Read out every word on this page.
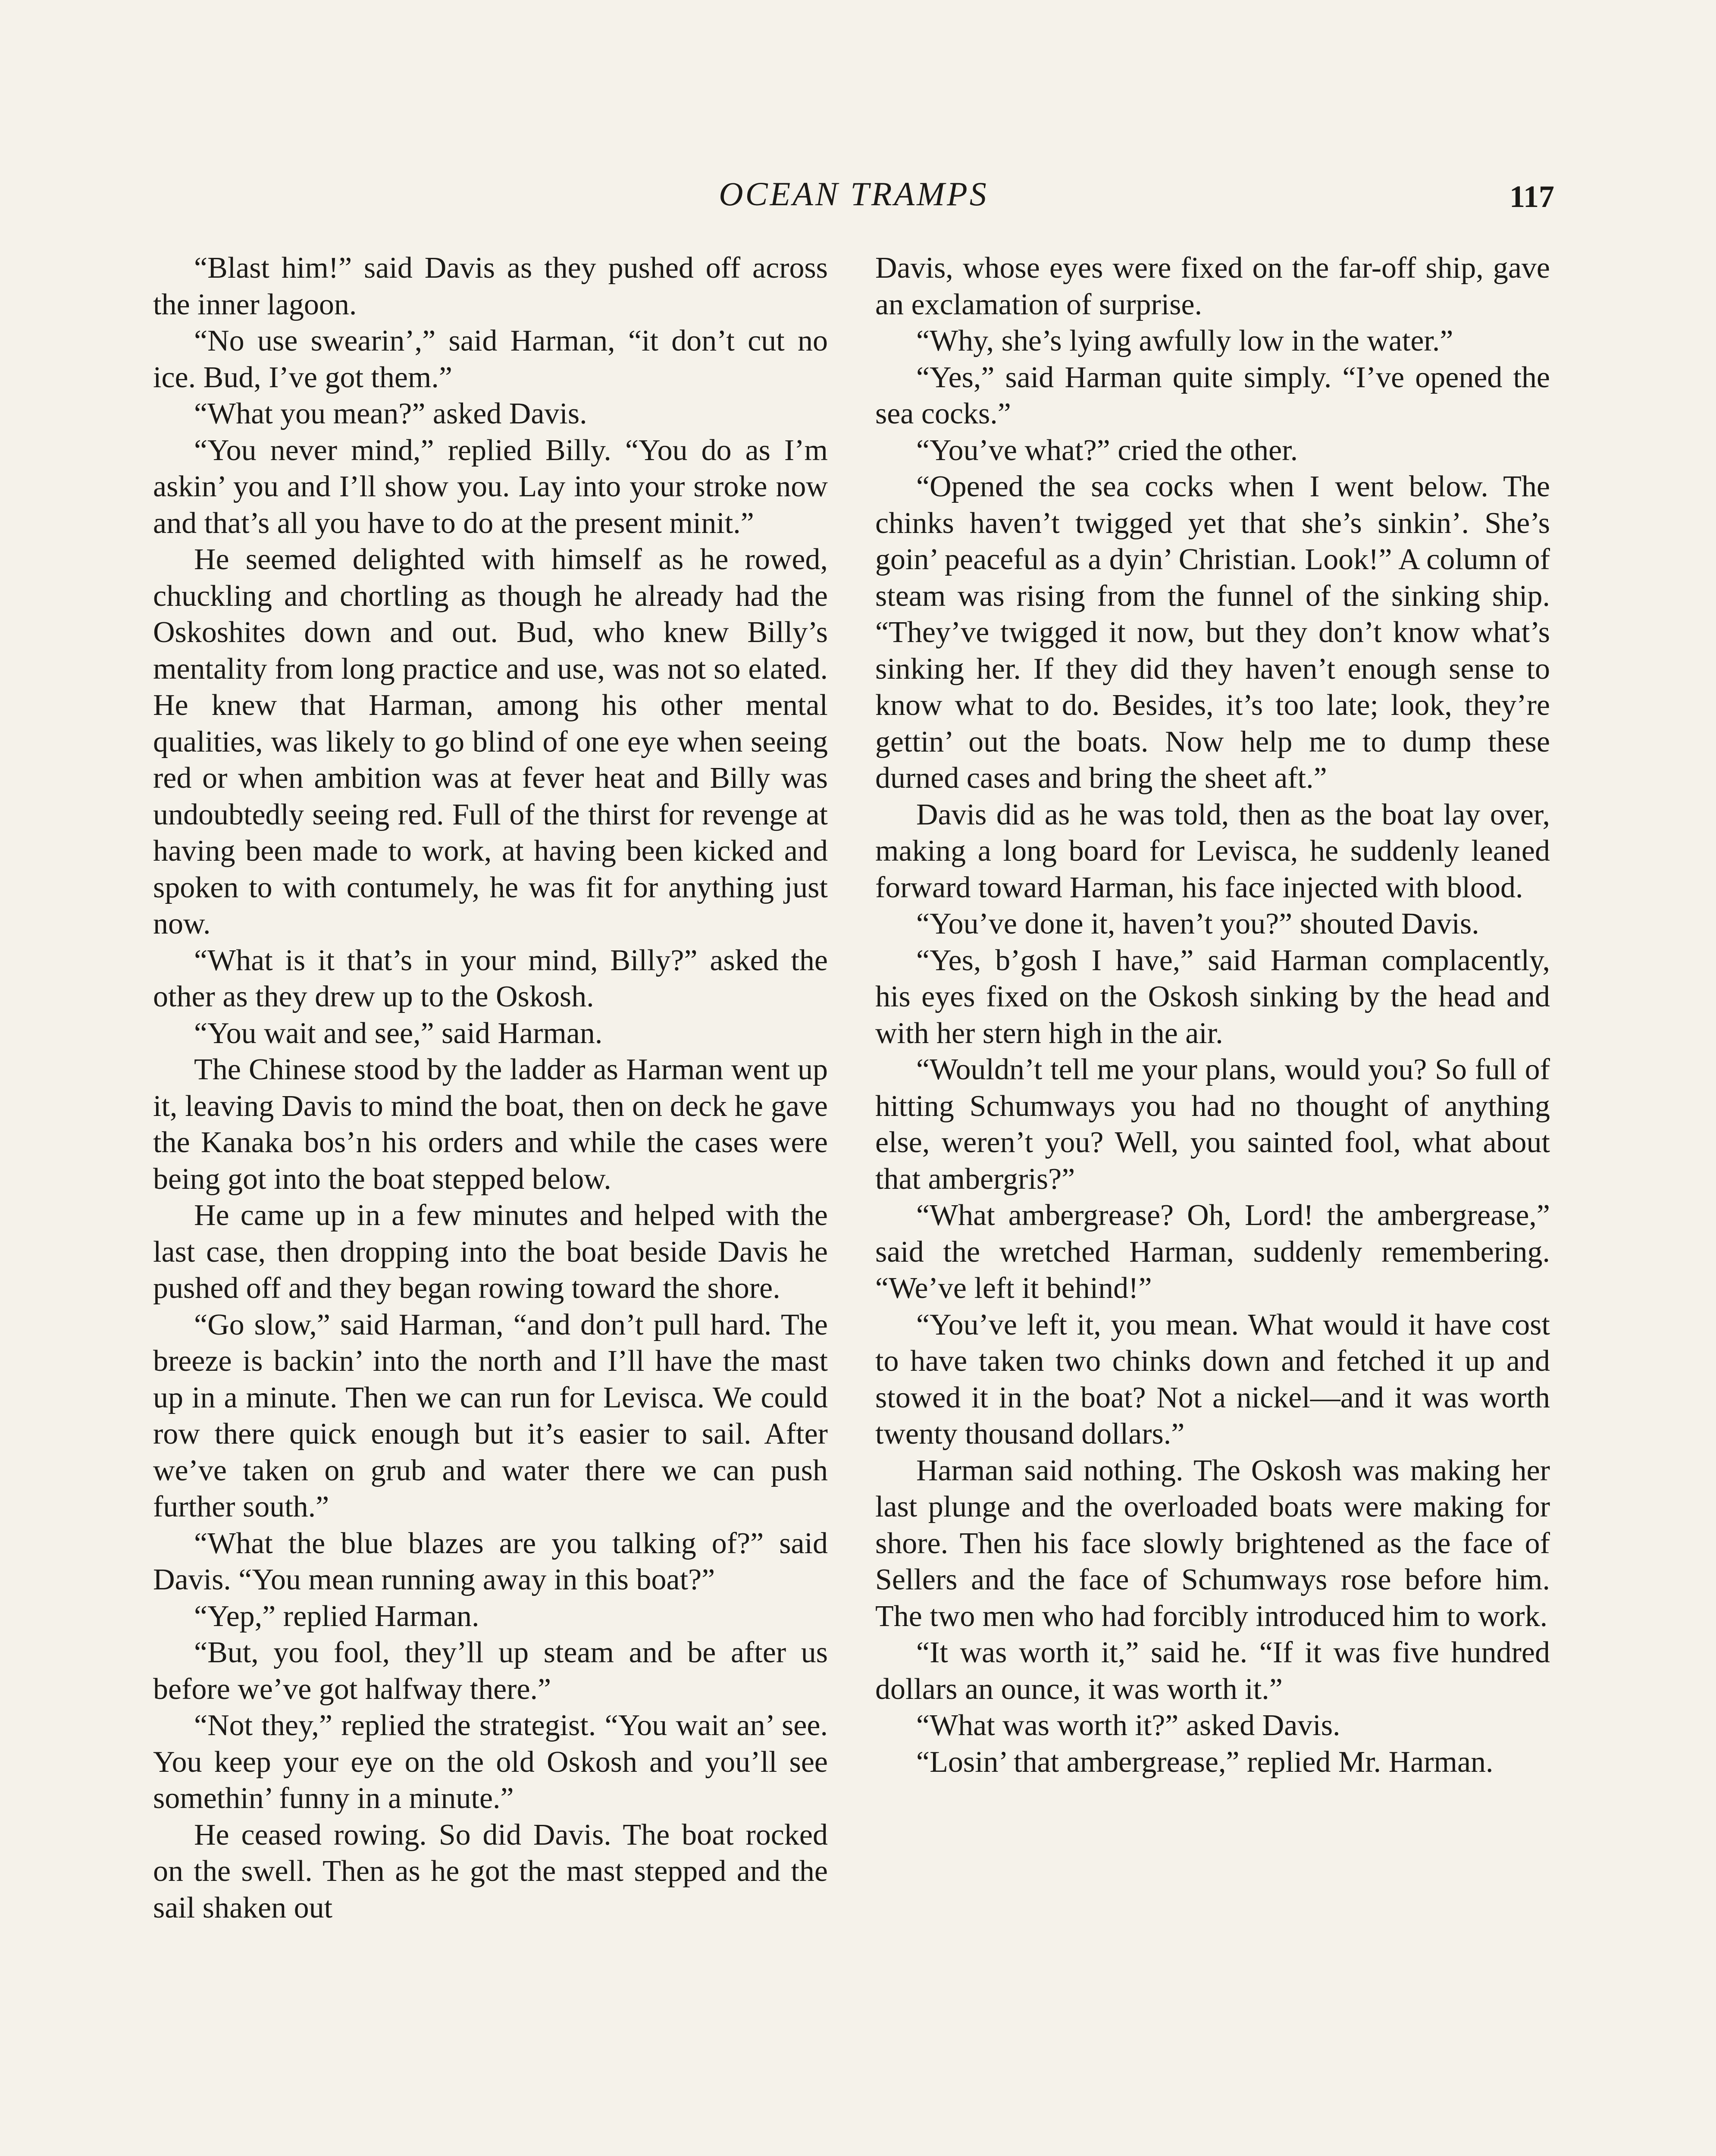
OCEAN TRAMPS	117

“Blast him!” said Davis as they pushed off across the inner lagoon.

“No use swearin’,” said Harman, “it don’t cut no ice. Bud, I’ve got them.”

“What you mean?” asked Davis.

“You never mind,” replied Billy. “You do as I’m askin’ you and I’ll show you. Lay into your stroke now and that’s all you have to do at the present minit.”

He seemed delighted with himself as he rowed, chuckling and chortling as though he already had the Oskoshites down and out. Bud, who knew Billy’s mentality from long practice and use, was not so elated. He knew that Harman, among his other mental qualities, was likely to go blind of one eye when seeing red or when ambition was at fever heat and Billy was undoubtedly seeing red. Full of the thirst for revenge at having been made to work, at having been kicked and spoken to with contumely, he was fit for anything just now.

“What is it that’s in your mind, Billy?” asked the other as they drew up to the Oskosh.

“You wait and see,” said Harman.

The Chinese stood by the ladder as Harman went up it, leaving Davis to mind the boat, then on deck he gave the Kanaka bos’n his orders and while the cases were being got into the boat stepped below.

He came up in a few minutes and helped with the last case, then dropping into the boat beside Davis he pushed off and they began rowing toward the shore.

“Go slow,” said Harman, “and don’t pull hard. The breeze is backin’ into the north and I’ll have the mast up in a minute. Then we can run for Levisca. We could row there quick enough but it’s easier to sail. After we’ve taken on grub and water there we can push further south.”

“What the blue blazes are you talking of?” said Davis. “You mean running away in this boat?”

“Yep,” replied Harman.

“But, you fool, they’ll up steam and be after us before we’ve got halfway there.”

“Not they,” replied the strategist. “You wait an’ see. You keep your eye on the old Oskosh and you’ll see somethin’ funny in a minute.”

He ceased rowing. So did Davis. The boat rocked on the swell. Then as he got the mast stepped and the sail shaken out

Davis, whose eyes were fixed on the far-off ship, gave an exclamation of surprise.

“Why, she’s lying awfully low in the water.”

“Yes,” said Harman quite simply. “I’ve opened the sea cocks.”

“You’ve what?” cried the other.

“Opened the sea cocks when I went below. The chinks haven’t twigged yet that she’s sinkin’. She’s goin’ peaceful as a dyin’ Christian. Look!” A column of steam was rising from the funnel of the sinking ship. “They’ve twigged it now, but they don’t know what’s sinking her. If they did they haven’t enough sense to know what to do. Besides, it’s too late; look, they’re gettin’ out the boats. Now help me to dump these durned cases and bring the sheet aft.”

Davis did as he was told, then as the boat lay over, making a long board for Levisca, he suddenly leaned forward toward Harman, his face injected with blood.

“You’ve done it, haven’t you?” shouted Davis.

“Yes, b’gosh I have,” said Harman complacently, his eyes fixed on the Oskosh sinking by the head and with her stern high in the air.

“Wouldn’t tell me your plans, would you? So full of hitting Schumways you had no thought of anything else, weren’t you? Well, you sainted fool, what about that ambergris?”

“What ambergrease? Oh, Lord! the ambergrease,” said the wretched Harman, suddenly remembering. “We’ve left it behind!”

“You’ve left it, you mean. What would it have cost to have taken two chinks down and fetched it up and stowed it in the boat? Not a nickel—and it was worth twenty thousand dollars.”

Harman said nothing. The Oskosh was making her last plunge and the overloaded boats were making for shore. Then his face slowly brightened as the face of Sellers and the face of Schumways rose before him. The two men who had forcibly introduced him to work.

“It was worth it,” said he. “If it was five hundred dollars an ounce, it was worth it.”

“What was worth it?” asked Davis.

“Losin’ that ambergrease,” replied Mr. Harman.
